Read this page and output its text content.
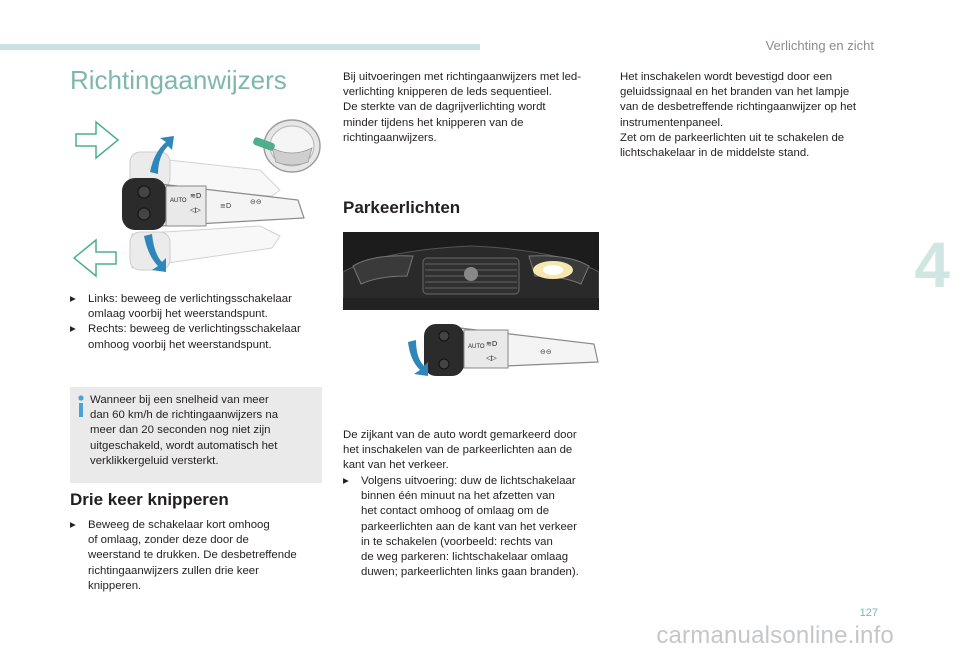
Verlichting en zicht
4
127
carmanualsonline.info
Richtingaanwijzers
AUTO
≋D
◁▷	≡D	⊖⊖
▸ Links: beweeg de verlichtingsschakelaar
omlaag voorbij het weerstandspunt.
▸ Rechts: beweeg de verlichtingsschakelaar
omhoog voorbij het weerstandspunt.
Wanneer bij een snelheid van meer
dan 60 km/h de richtingaanwijzers na
meer dan 20 seconden nog niet zijn
uitgeschakeld, wordt automatisch het
verklikkergeluid versterkt.
Drie keer knipperen
▸ Beweeg de schakelaar kort omhoog
of omlaag, zonder deze door de
weerstand te drukken. De desbetreffende
richtingaanwijzers zullen drie keer
knipperen.
Bij uitvoeringen met richtingaanwijzers met led-
verlichting knipperen de leds sequentieel.
De sterkte van de dagrijverlichting wordt
minder tijdens het knipperen van de
richtingaanwijzers.
Parkeerlichten
AUTO ≋D
◁▷
⊖⊖
De zijkant van de auto wordt gemarkeerd door
het inschakelen van de parkeerlichten aan de
kant van het verkeer.
▸ Volgens uitvoering: duw de lichtschakelaar
binnen één minuut na het afzetten van
het contact omhoog of omlaag om de
parkeerlichten aan de kant van het verkeer
in te schakelen (voorbeeld: rechts van
de weg parkeren: lichtschakelaar omlaag
duwen; parkeerlichten links gaan branden).
Het inschakelen wordt bevestigd door een
geluidssignaal en het branden van het lampje
van de desbetreffende richtingaanwijzer op het
instrumentenpaneel.
Zet om de parkeerlichten uit te schakelen de
lichtschakelaar in de middelste stand.
